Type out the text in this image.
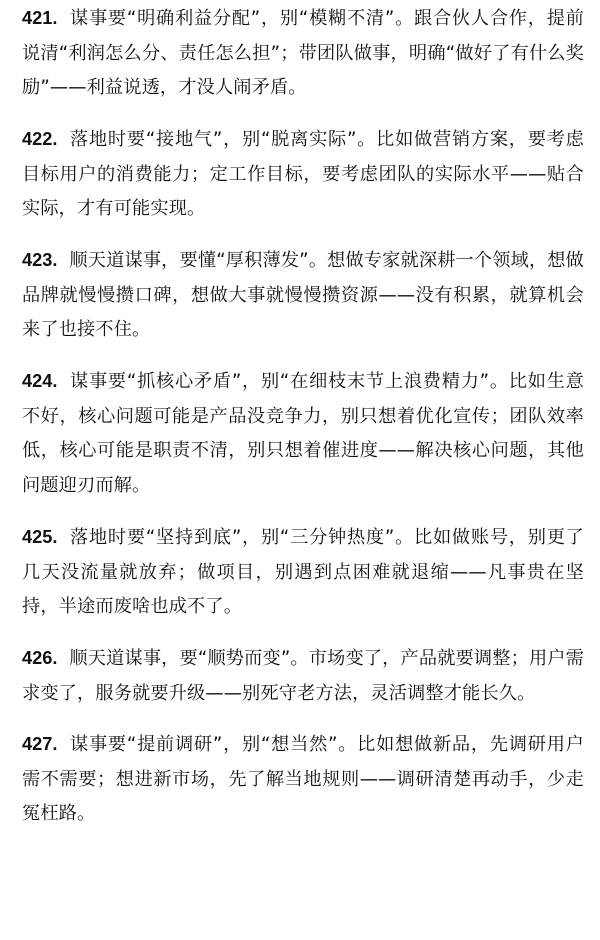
421. 谋事要“明确利益分配”，别“模糊不清”。跟合伙人合作，提前说清“利润怎么分、责任怎么担”；带团队做事，明确“做好了有什么奖励”——利益说透，才没人闹矛盾。

422. 落地时要“接地气”，别“脱离实际”。比如做营销方案，要考虑目标用户的消费能力；定工作目标，要考虑团队的实际水平——贴合实际，才有可能实现。

423. 顺天道谋事，要懂“厚积薄发”。想做专家就深耕一个领域，想做品牌就慢慢攒口碑，想做大事就慢慢攒资源——没有积累，就算机会来了也接不住。

424. 谋事要“抓核心矛盾”，别“在细枝末节上浪费精力”。比如生意不好，核心问题可能是产品没竞争力，别只想着优化宣传；团队效率低，核心可能是职责不清，别只想着催进度——解决核心问题，其他问题迎刃而解。

425. 落地时要“坚持到底”，别“三分钟热度”。比如做账号，别更了几天没流量就放弃；做项目，别遇到点困难就退缩——凡事贵在坚持，半途而废啥也成不了。

426. 顺天道谋事，要“顺势而变”。市场变了，产品就要调整；用户需求变了，服务就要升级——别死守老方法，灵活调整才能长久。

427. 谋事要“提前调研”，别“想当然”。比如想做新品，先调研用户需不需要；想进新市场，先了解当地规则——调研清楚再动手，少走冤枉路。
